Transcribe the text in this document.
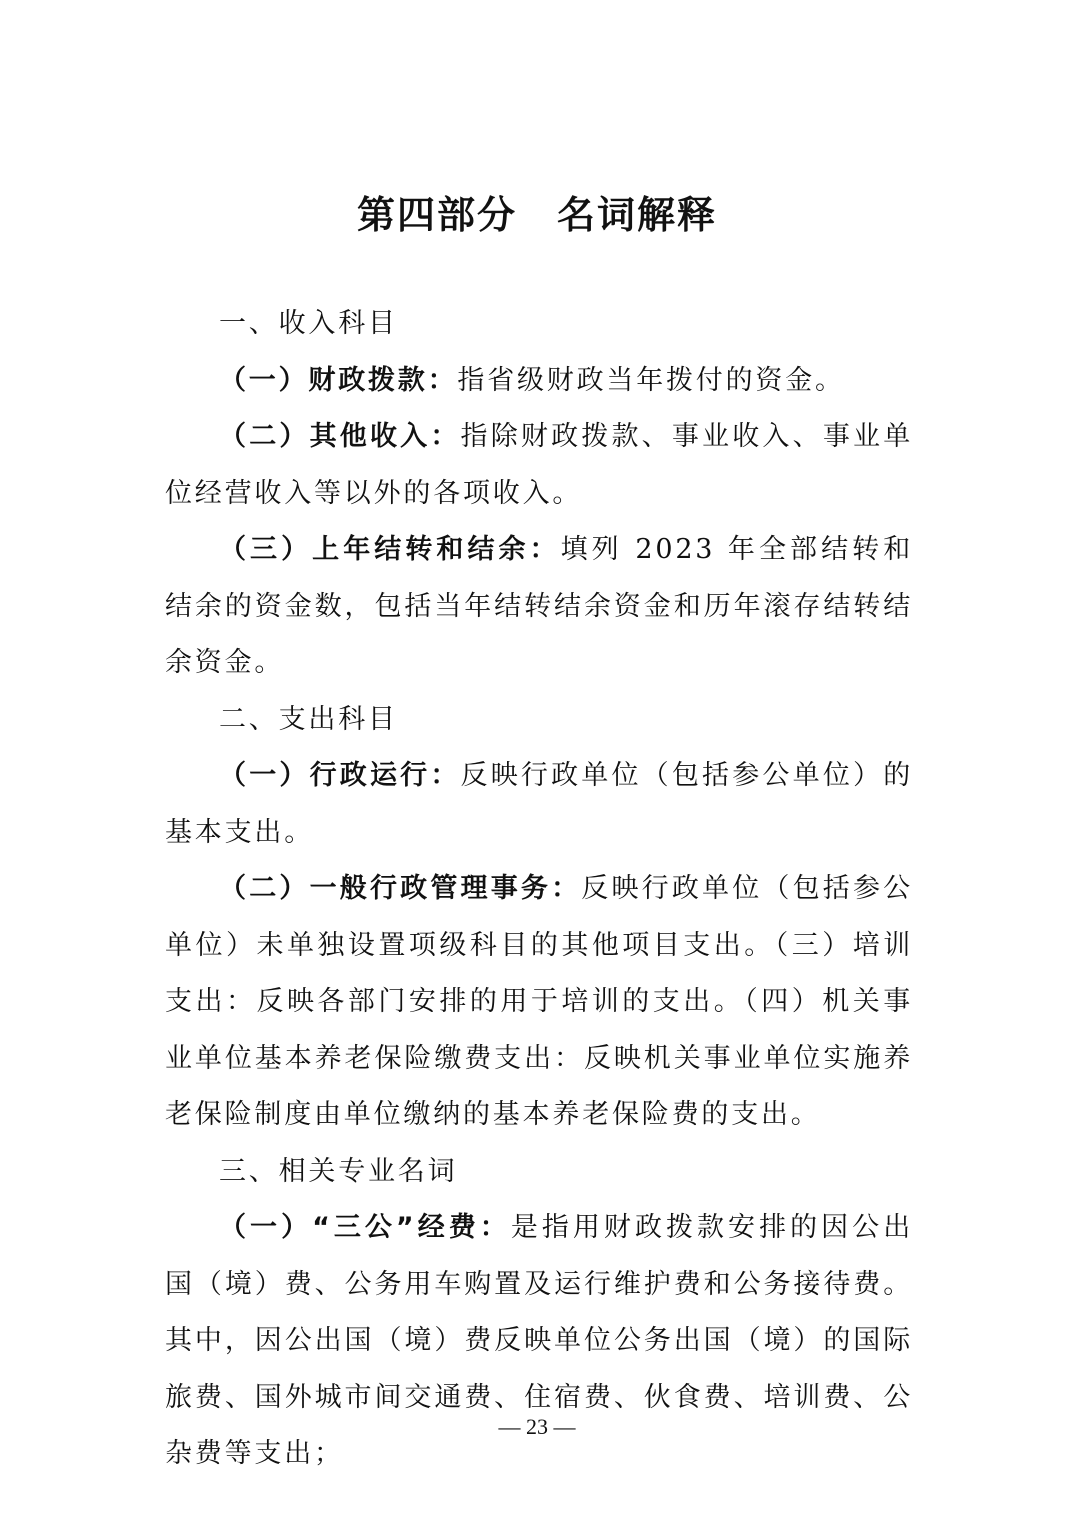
第四部分　名词解释

一、收入科目

（一）财政拨款：指省级财政当年拨付的资金。

（二）其他收入：指除财政拨款、事业收入、事业单位经营收入等以外的各项收入。

（三）上年结转和结余：填列 2023 年全部结转和结余的资金数，包括当年结转结余资金和历年滚存结转结余资金。

二、支出科目

（一）行政运行：反映行政单位（包括参公单位）的基本支出。

（二）一般行政管理事务：反映行政单位（包括参公单位）未单独设置项级科目的其他项目支出。（三）培训支出：反映各部门安排的用于培训的支出。（四）机关事业单位基本养老保险缴费支出：反映机关事业单位实施养老保险制度由单位缴纳的基本养老保险费的支出。

三、相关专业名词

（一）“三公”经费：是指用财政拨款安排的因公出国（境）费、公务用车购置及运行维护费和公务接待费。其中，因公出国（境）费反映单位公务出国（境）的国际旅费、国外城市间交通费、住宿费、伙食费、培训费、公杂费等支出；

— 23 —
